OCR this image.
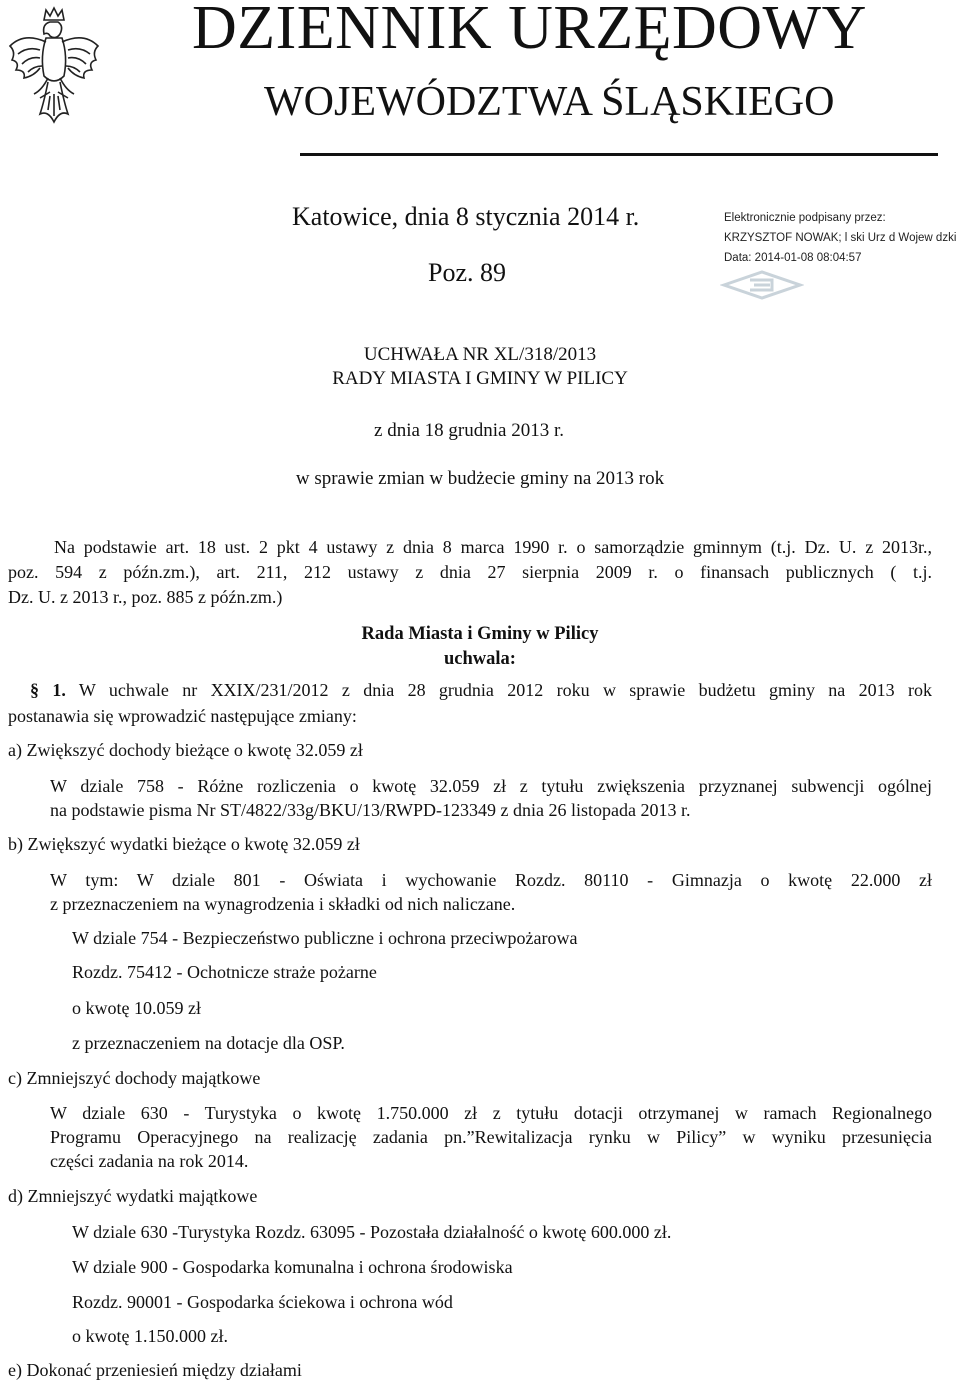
DZIENNIK URZĘDOWY
WOJEWÓDZTWA ŚLĄSKIEGO
Katowice, dnia 8 stycznia 2014 r.
Poz. 89
Elektronicznie podpisany przez:
KRZYSZTOF NOWAK; l ski Urz d Wojew dzki
Data: 2014-01-08 08:04:57
UCHWAŁA NR XL/318/2013
RADY MIASTA I GMINY W PILICY
z dnia 18 grudnia 2013 r.
w sprawie zmian w budżecie gminy na 2013 rok
Na podstawie art. 18 ust. 2 pkt 4 ustawy z dnia 8 marca 1990 r. o samorządzie gminnym (t.j. Dz. U. z 2013r.,
poz. 594 z późn.zm.), art. 211, 212 ustawy z dnia 27 sierpnia 2009 r. o finansach publicznych ( t.j.
Dz. U. z 2013 r., poz. 885 z późn.zm.)
Rada Miasta i Gminy w Pilicy
uchwala:
§ 1. W uchwale nr XXIX/231/2012 z dnia 28 grudnia 2012 roku w sprawie budżetu gminy na 2013 rok
postanawia się wprowadzić następujące zmiany:
a) Zwiększyć dochody bieżące o kwotę 32.059 zł
W dziale 758 - Różne rozliczenia o kwotę 32.059 zł z tytułu zwiększenia przyznanej subwencji ogólnej
na podstawie pisma Nr ST/4822/33g/BKU/13/RWPD-123349 z dnia 26 listopada 2013 r.
b) Zwiększyć wydatki bieżące o kwotę 32.059 zł
W tym: W dziale 801 - Oświata i wychowanie Rozdz. 80110 - Gimnazja o kwotę 22.000 zł
z przeznaczeniem na wynagrodzenia i składki od nich naliczane.
W dziale 754 - Bezpieczeństwo publiczne i ochrona przeciwpożarowa
Rozdz. 75412 - Ochotnicze straże pożarne
o kwotę 10.059 zł
z przeznaczeniem na dotacje dla OSP.
c) Zmniejszyć dochody majątkowe
W dziale 630 - Turystyka o kwotę 1.750.000 zł z tytułu dotacji otrzymanej w ramach Regionalnego
Programu Operacyjnego na realizację zadania pn.”Rewitalizacja rynku w Pilicy” w wyniku przesunięcia
części zadania na rok 2014.
d) Zmniejszyć wydatki majątkowe
W dziale 630 -Turystyka Rozdz. 63095 - Pozostała działalność o kwotę 600.000 zł.
W dziale 900 - Gospodarka komunalna i ochrona środowiska
Rozdz. 90001 - Gospodarka ściekowa i ochrona wód
o kwotę 1.150.000 zł.
e) Dokonać przeniesień między działami
